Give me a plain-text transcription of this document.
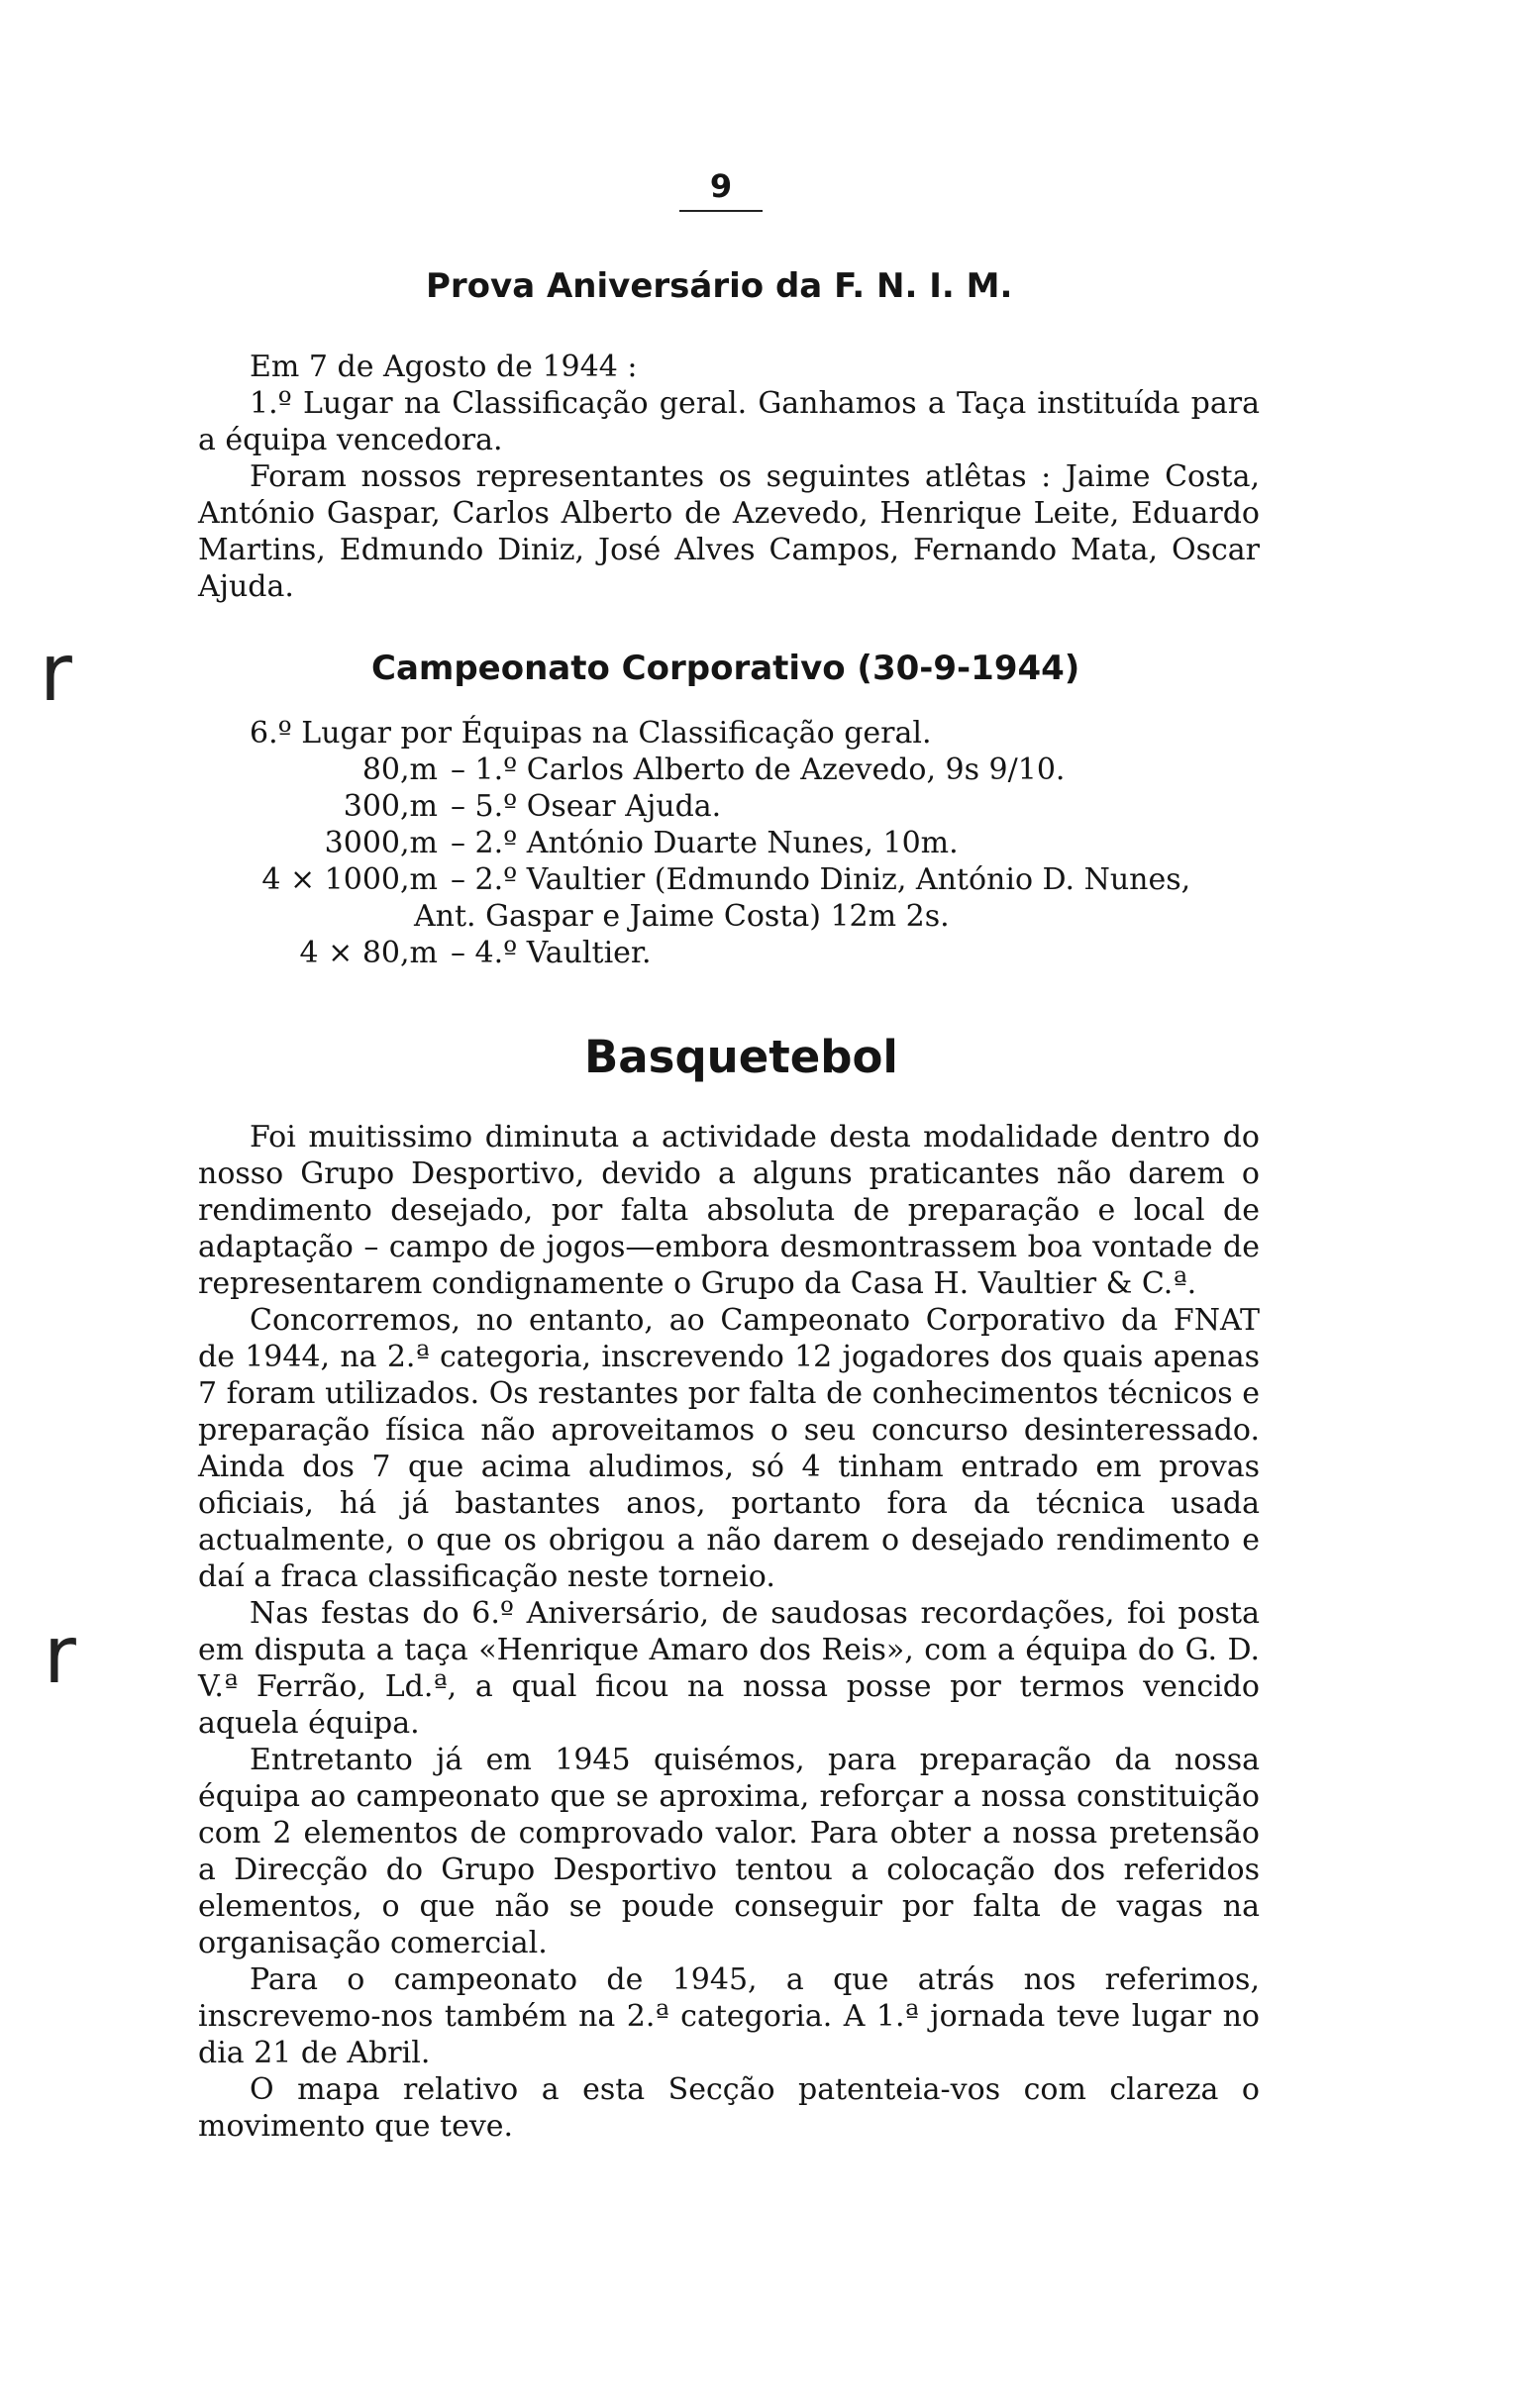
9
r
r
Prova Aniversário da F. N. I. M.

Em 7 de Agosto de 1944 :

1.º Lugar na Classificação geral. Ganhamos a Taça instituída para a équipa vencedora.

Foram nossos representantes os seguintes atlêtas : Jaime Costa, António Gaspar, Carlos Alberto de Azevedo, Henrique Leite, Eduardo Martins, Edmundo Diniz, José Alves Campos, Fernando Mata, Oscar Ajuda.

Campeonato Corporativo (30-9-1944)
6.º Lugar por Équipas na Classificação geral.
80,m – 1.º Carlos Alberto de Azevedo, 9s 9/10.
300,m – 5.º Osear Ajuda.
3000,m – 2.º António Duarte Nunes, 10m.
4 × 1000,m – 2.º Vaultier (Edmundo Diniz, António D. Nunes,
Ant. Gaspar e Jaime Costa) 12m 2s.
4 × 80,m – 4.º Vaultier.
Basquetebol

Foi muitissimo diminuta a actividade desta modalidade dentro do nosso Grupo Desportivo, devido a alguns praticantes não darem o rendimento desejado, por falta absoluta de preparação e local de adaptação – campo de jogos—embora desmontrassem boa vontade de representarem condignamente o Grupo da Casa H. Vaultier & C.ª.

Concorremos, no entanto, ao Campeonato Corporativo da FNAT de 1944, na 2.ª categoria, inscrevendo 12 jogadores dos quais apenas 7 foram utilizados. Os restantes por falta de conhecimentos técnicos e preparação física não aproveitamos o seu concurso desinteressado. Ainda dos 7 que acima aludimos, só 4 tinham entrado em provas oficiais, há já bastantes anos, portanto fora da técnica usada actualmente, o que os obrigou a não darem o desejado rendimento e daí a fraca classificação neste torneio.

Nas festas do 6.º Aniversário, de saudosas recordações, foi posta em disputa a taça «Henrique Amaro dos Reis», com a équipa do G. D. V.ª Ferrão, Ld.ª, a qual ficou na nossa posse por termos vencido aquela équipa.

Entretanto já em 1945 quisémos, para preparação da nossa équipa ao campeonato que se aproxima, reforçar a nossa constituição com 2 elementos de comprovado valor. Para obter a nossa pretensão a Direcção do Grupo Desportivo tentou a colocação dos referidos elementos, o que não se poude conseguir por falta de vagas na organisação comercial.

Para o campeonato de 1945, a que atrás nos referimos, inscrevemo-nos também na 2.ª categoria. A 1.ª jornada teve lugar no dia 21 de Abril.

O mapa relativo a esta Secção patenteia-vos com clareza o movimento que teve.
